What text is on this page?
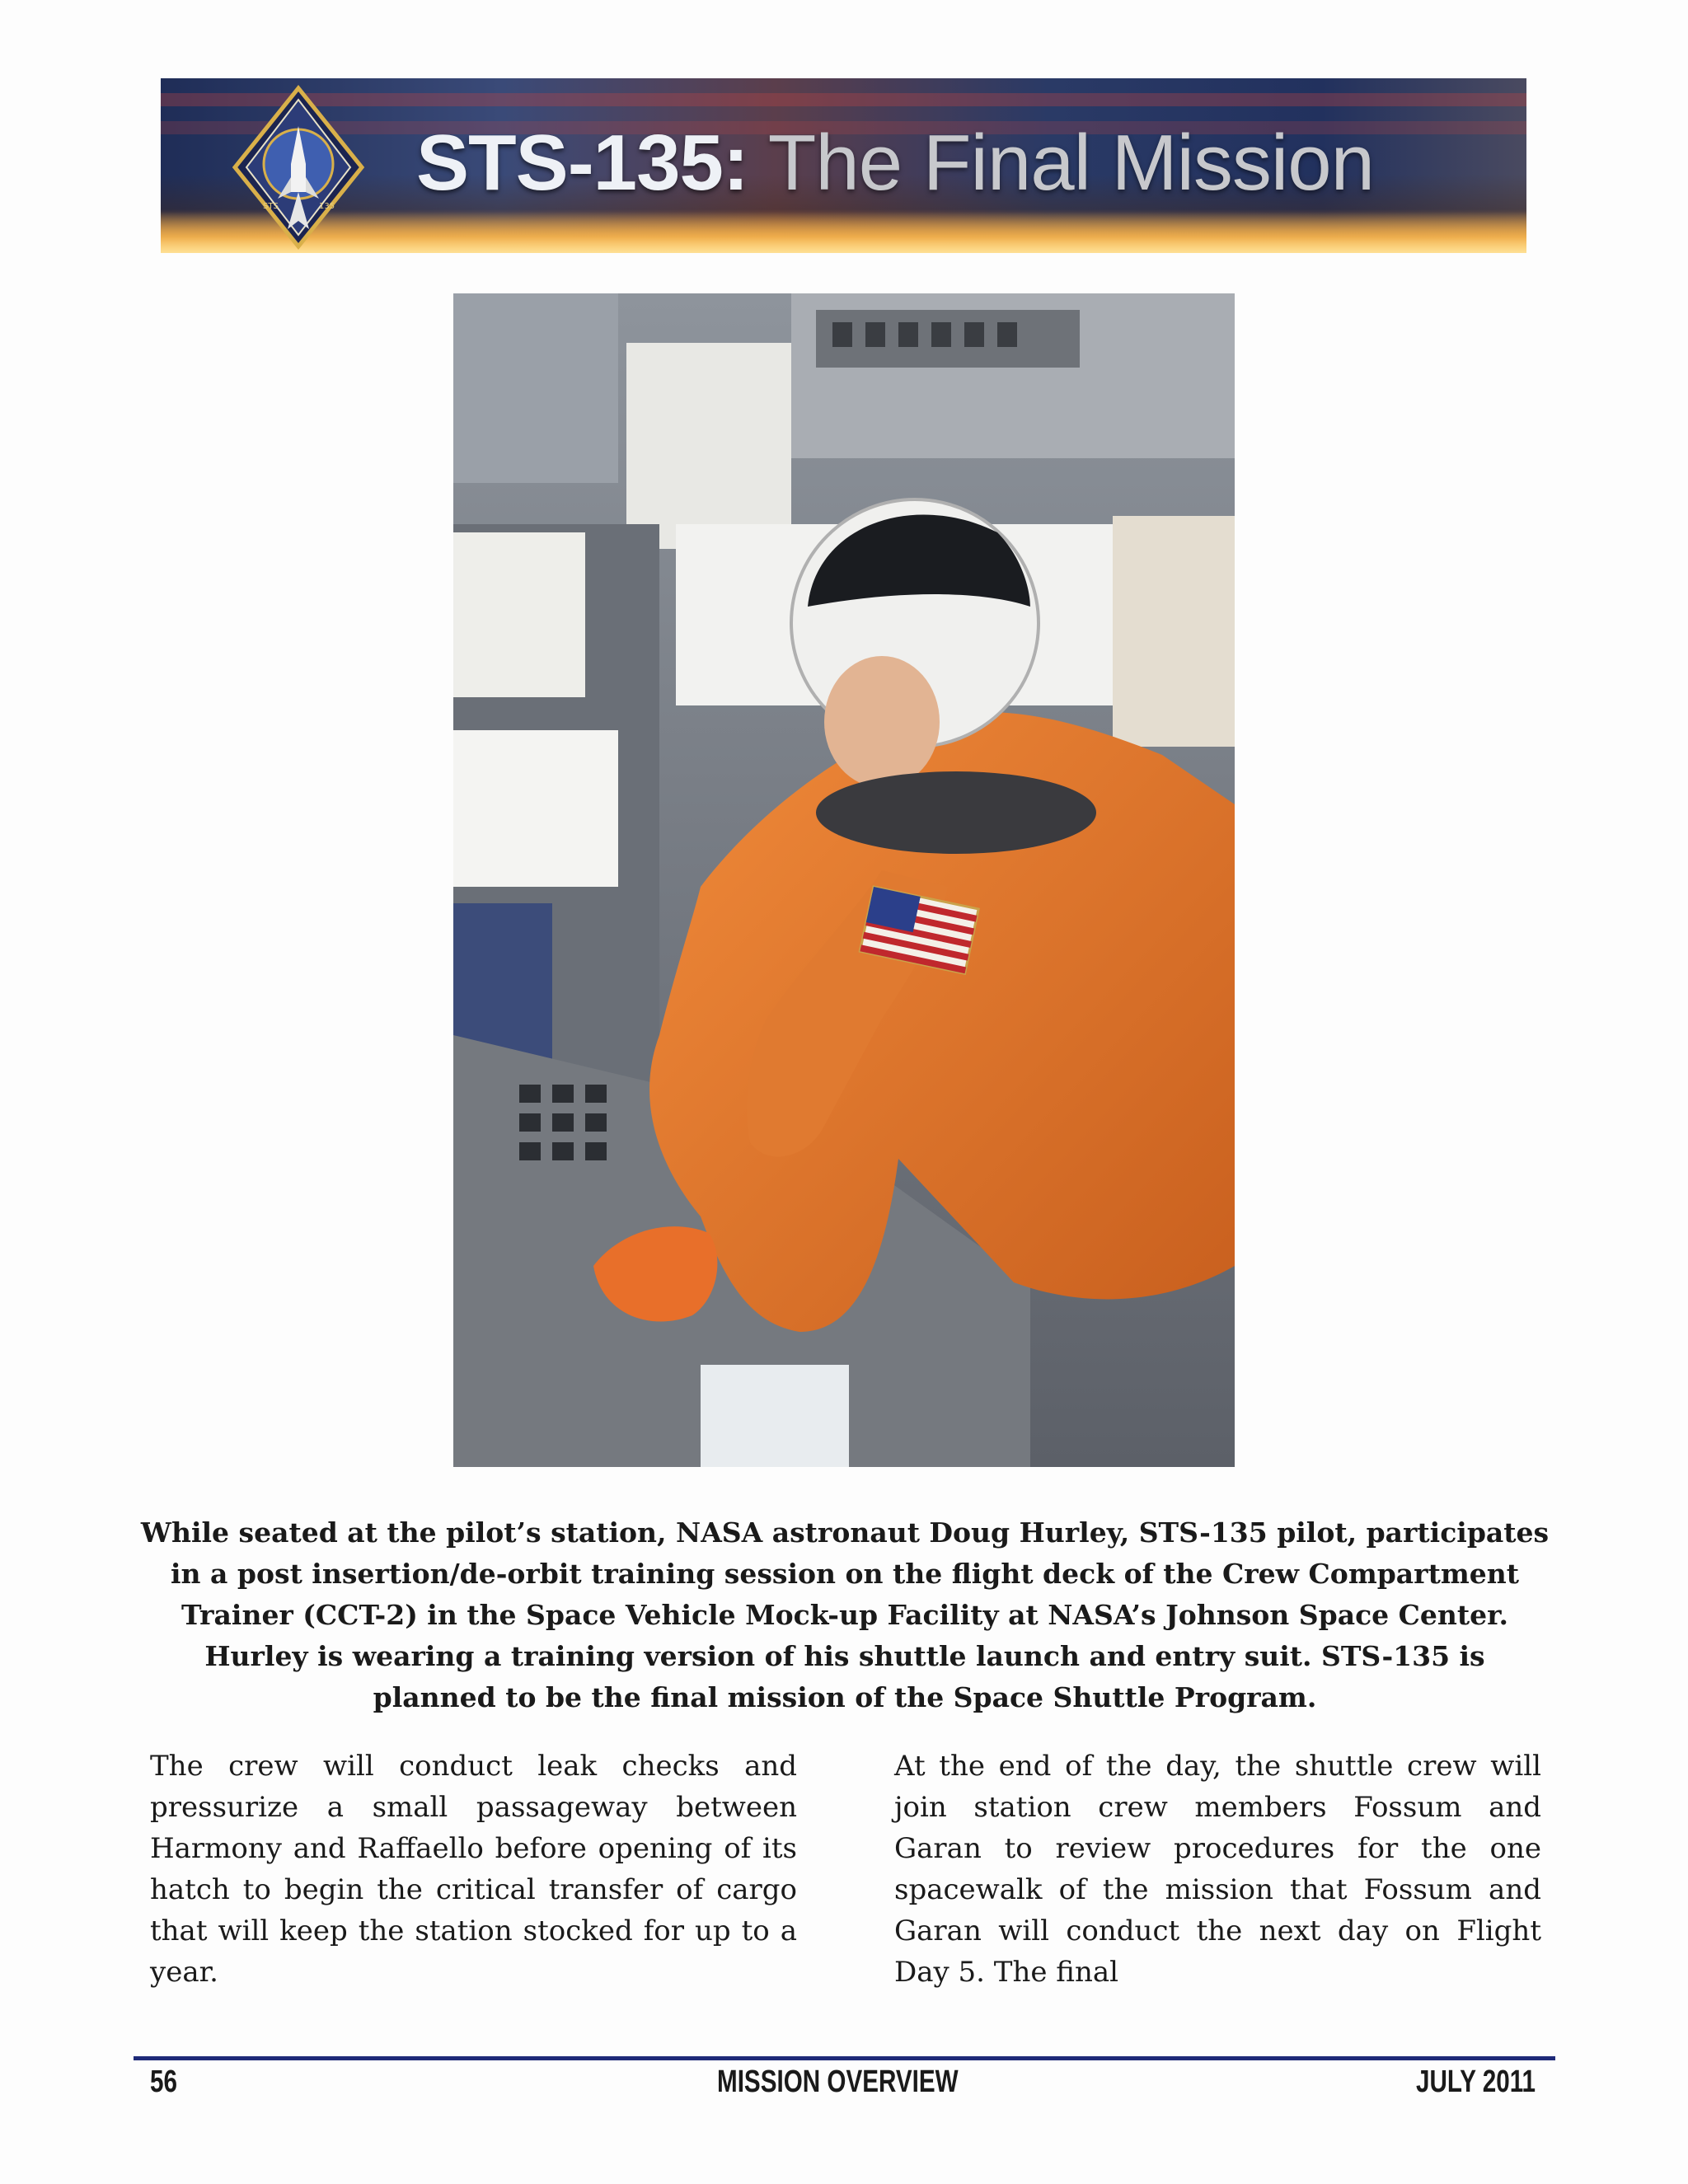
STS	135 STS-135: The Final Mission
While seated at the pilot’s station, NASA astronaut Doug Hurley, STS-135 pilot, participates in a post insertion/de-orbit training session on the flight deck of the Crew Compartment Trainer (CCT-2) in the Space Vehicle Mock-up Facility at NASA’s Johnson Space Center. Hurley is wearing a training version of his shuttle launch and entry suit. STS-135 is planned to be the final mission of the Space Shuttle Program.
The crew will conduct leak checks and pressurize a small passageway between Harmony and Raffaello before opening of its hatch to begin the critical transfer of cargo that will keep the station stocked for up to a year.
At the end of the day, the shuttle crew will join station crew members Fossum and Garan to review procedures for the one spacewalk of the mission that Fossum and Garan will conduct the next day on Flight Day 5. The final
56	MISSION OVERVIEW	JULY 2011
